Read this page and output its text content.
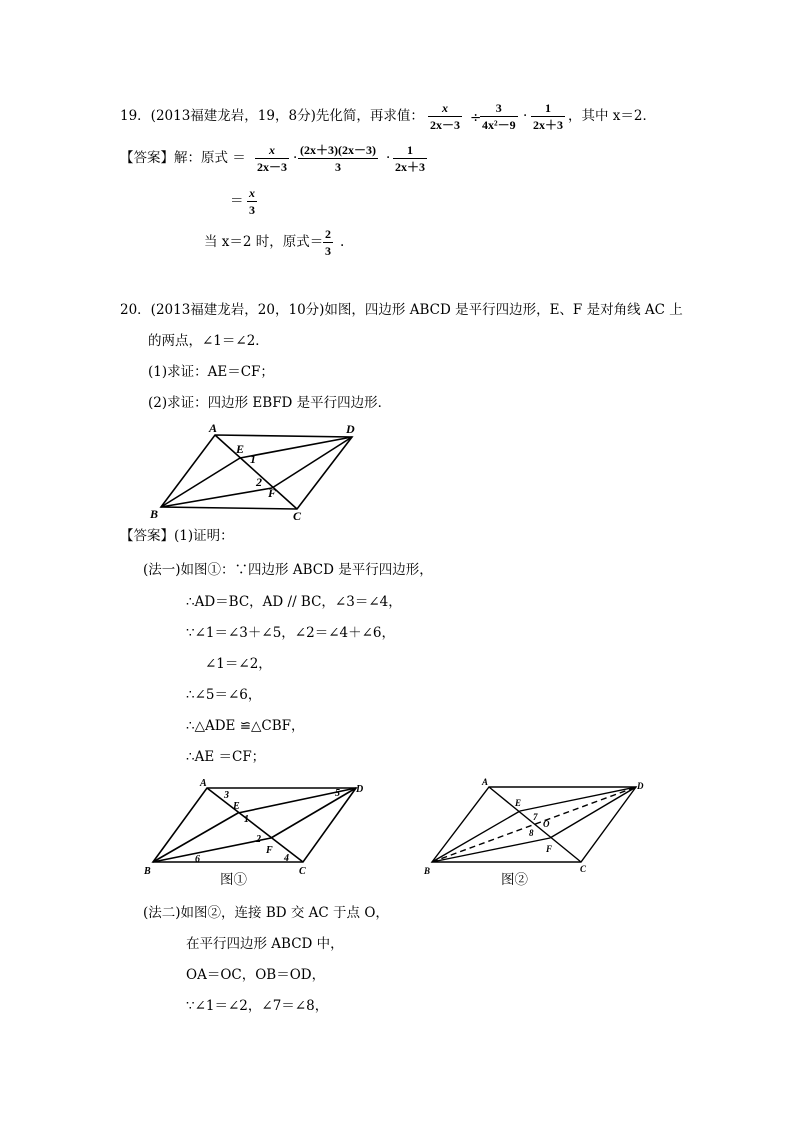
19．(2013福建龙岩，19，8分)先化简，再求值： x
2x－3 ÷
3
4x²－9
· 1
2x＋3
，其中 x＝2．
【答案】解：原式 ＝ x
2x－3
· (2x＋3)(2x－3)
3
· 1
2x＋3
＝ x
3
当 x＝2 时，原式＝ 2
3
.
20．(2013福建龙岩，20，10分)如图，四边形 ABCD 是平行四边形，E、F 是对角线 AC 上
的两点，∠1＝∠2．
(1)求证：AE＝CF；
(2)求证：四边形 EBFD 是平行四边形．
A	D
B	C
E
F
1
2
A
D
B	C
E
F
1
2
3
4
5
6
A	D
B	C
E
F
O
7
8
【答案】(1)证明：
(法一)如图①：∵四边形 ABCD 是平行四边形，
∴AD＝BC，AD // BC，∠3＝∠4，
∵∠1＝∠3＋∠5，∠2＝∠4＋∠6，
∠1＝∠2，
∴∠5＝∠6，
∴△ADE ≌△CBF，
∴AE ＝CF；
图①	图②
(法二)如图②，连接 BD 交 AC 于点 O，
在平行四边形 ABCD 中，
OA＝OC，OB＝OD，
∵∠1＝∠2，∠7＝∠8，
